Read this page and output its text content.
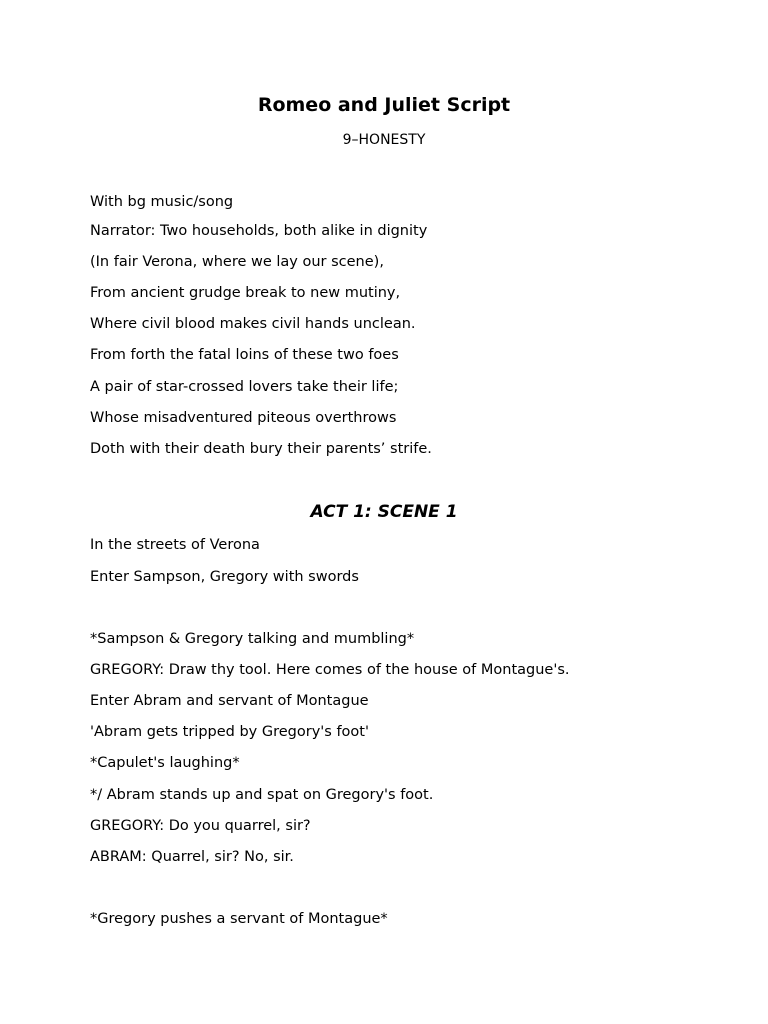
Romeo and Juliet Script
9–HONESTY
With bg music/song
Narrator: Two households, both alike in dignity
(In fair Verona, where we lay our scene),
From ancient grudge break to new mutiny,
Where civil blood makes civil hands unclean.
From forth the fatal loins of these two foes
A pair of star-crossed lovers take their life;
Whose misadventured piteous overthrows
Doth with their death bury their parents’ strife.
ACT 1: SCENE 1
In the streets of Verona
Enter Sampson, Gregory with swords
*Sampson & Gregory talking and mumbling*
GREGORY: Draw thy tool. Here comes of the house of Montague's.
Enter Abram and servant of Montague
'Abram gets tripped by Gregory's foot'
*Capulet's laughing*
*/ Abram stands up and spat on Gregory's foot.
GREGORY: Do you quarrel, sir?
ABRAM: Quarrel, sir? No, sir.
*Gregory pushes a servant of Montague*
